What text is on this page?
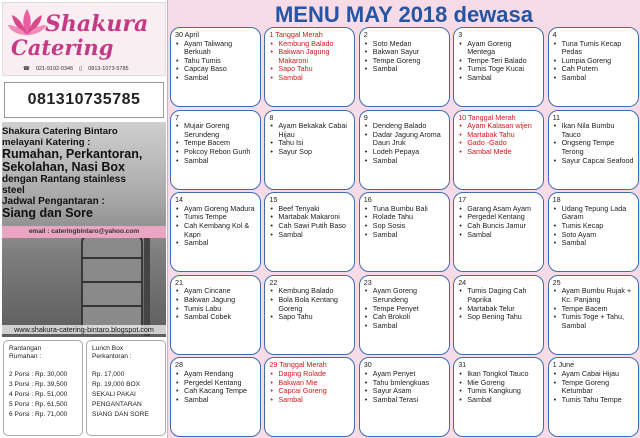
Shakura
Catering
☎ 021-9192-0346 ▯ 0813-1073-5785
081310735785
Shakura Catering Bintaro
melayani Katering :
Rumahan, Perkantoran,
Sekolahan, Nasi Box
dengan Rantang stainless
steel
Jadwal Pengantaran :
Siang dan Sore
email : cateringbintaro@yahoo.com
www.shakura-catering-bintaro.blogspot.com
Rantangan
Rumahan :
2 Porsi : Rp. 30,000
3 Porsi : Rp. 39,500
4 Porsi : Rp. 51,000
5 Porsi : Rp. 61,500
6 Porsi : Rp. 71,000
Lunch Box
Perkantoran :
Rp. 17,000
Rp. 19,000 BOX
SEKALI PAKAI
PENGANTARAN
SIANG DAN SORE
MENU MAY 2018 dewasa
30 April
• Ayam Taliwang Berkuah
• Tahu Tumis
• Capcay Baso
• Sambal
1 Tanggal Merah
• Kembung Balado
• Bakwan Jagung Makaroni
• Sapo Tahu
• Sambal
2
• Soto Medan
• Bakwan Sayur
• Tempe Goreng
• Sambal
3
• Ayam Goreng Mentega
• Tempe Teri Balado
• Tumis Toge Kucai
• Sambal
4
• Tuna Tumis Kecap Pedas
• Lumpia Goreng
• Cah Putern
• Sambal
7
• Mujair Goreng Serundeng
• Tempe Bacem
• Pokcoy Rebon Gurih
• Sambal
8
• Ayam Bekakak Cabai Hijau
• Tahu Isi
• Sayur Sop
9
• Dendeng Balado
• Dadar Jagung Aroma Daun Jruk
• Lodeh Pepaya
• Sambal
10 Tanggal Merah
• Ayam Kalasan wijen
• Martabak Tahu
• Gado -Gado
• Sambal Mede
11
• Ikan Nila Bumbu Tauco
• Ongseng Tempe Terong
• Sayur Capcai Seafood
14
• Ayam Goreng Madura
• Tumis Tempe
• Cah Kembang Kol & Kapri
• Sambal
15
• Beef Teriyaki
• Martabak Makaroni
• Cah Sawi Putih Baso
• Sambal
16
• Tuna Bumbu Bali
• Rolade Tahu
• Sop Sosis
• Sambal
17
• Garang Asam Ayam
• Pergedel Kentang
• Cah Buncis Jamur
• Sambal
18
• Udang Tepung Lada Garam
• Tumis Kecap
• Soto Ayam
• Sambal
21
• Ayam Cincane
• Bakwan Jagung
• Tumis Labu
• Sambal Cobek
22
• Kembung Balado
• Bola Bola Kentang Goreng
• Sapo Tahu
23
• Ayam Goreng Serundeng
• Tempe Penyet
• Cah Brokoli
• Sambal
24
• Tumis Daging Cah Paprika
• Martabak Telur
• Sop Bening Tahu
25
• Ayam Bumbu Rujak + Kc. Panjang
• Tempe Bacem
• Tumis Toge + Tahu, Sambal
28
• Ayam Rendang
• Pergedel Kentang
• Cah Kacang Tempe
• Sambal
29 Tanggal Merah
• Daging Rolade
• Bakwan Mie
• Capcai Goreng
• Sambal
30
• Ayam Penyet
• Tahu bmlengkuas
• Sayur Asam
• Sambal Terasi
31
• Ikan Tongkol Tauco
• Mie Goreng
• Tumis Kangkung
• Sambal
1 June
• Ayam Cabai Hijau
• Tempe Goreng Ketumbar
• Tumis Tahu Tempe
